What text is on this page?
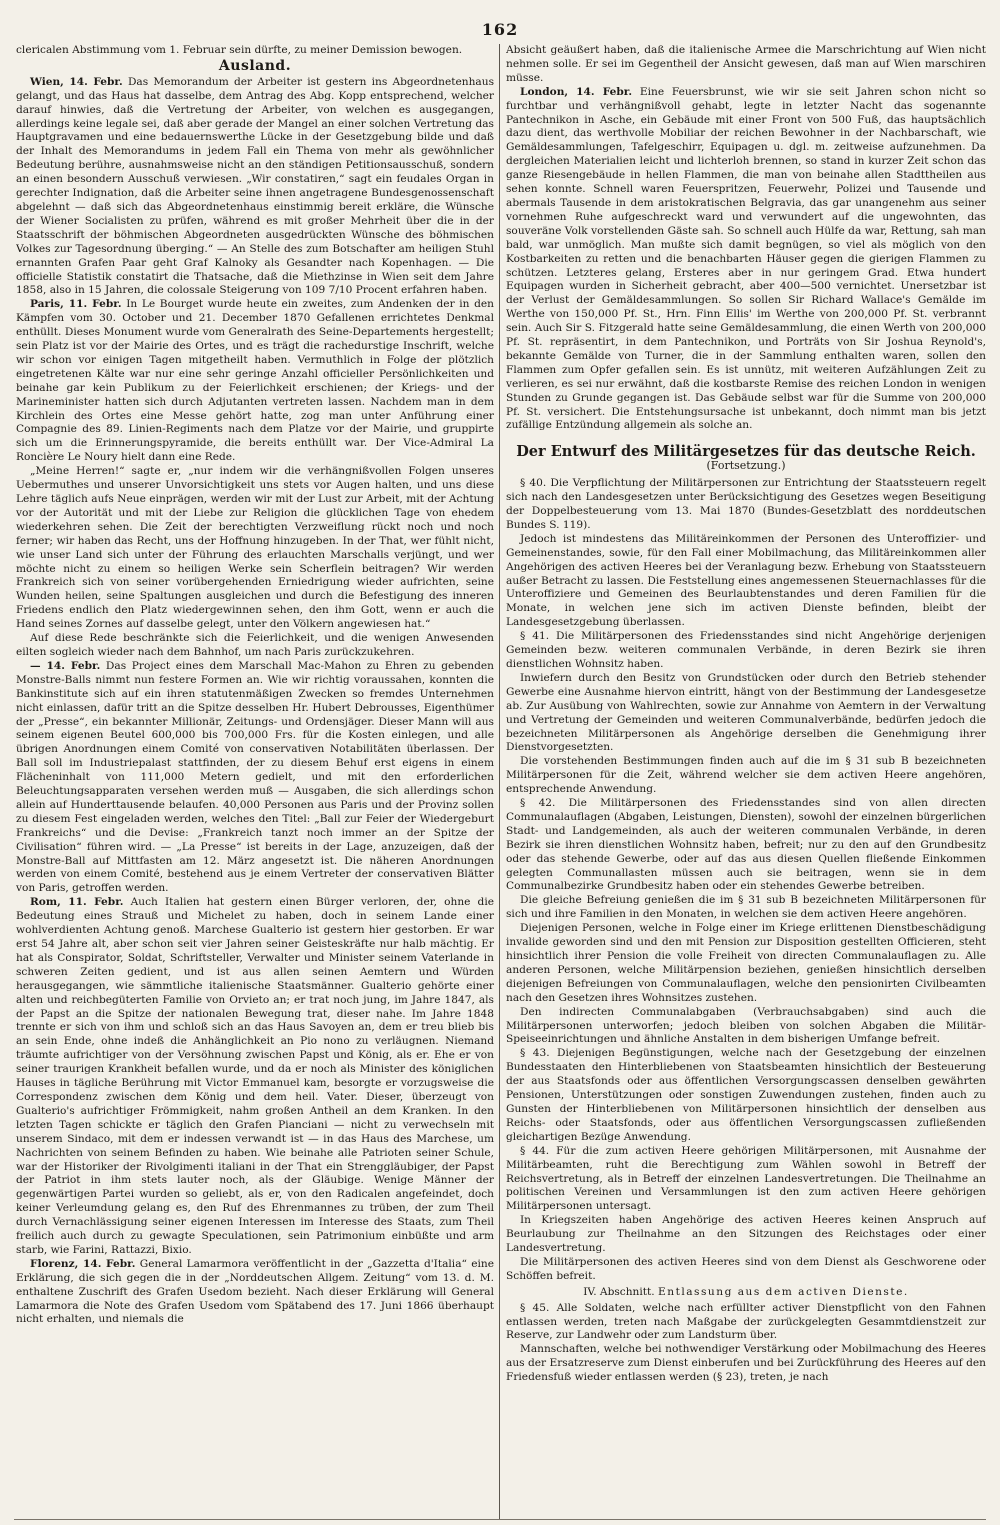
162

clericalen Abstimmung vom 1. Februar sein dürfte, zu meiner Demission bewogen.

Ausland.

Wien, 14. Febr. Das Memorandum der Arbeiter ist gestern ins Abgeordnetenhaus gelangt, und das Haus hat dasselbe, dem Antrag des Abg. Kopp entsprechend, welcher darauf hinwies, daß die Vertretung der Arbeiter, von welchen es ausgegangen, allerdings keine legale sei, daß aber gerade der Mangel an einer solchen Vertretung das Hauptgravamen und eine bedauernswerthe Lücke in der Gesetzgebung bilde und daß der Inhalt des Memorandums in jedem Fall ein Thema von mehr als gewöhnlicher Bedeutung berühre, ausnahmsweise nicht an den ständigen Petitionsausschuß, sondern an einen besondern Ausschuß verwiesen. „Wir constatiren,“ sagt ein feudales Organ in gerechter Indignation, daß die Arbeiter seine ihnen angetragene Bundesgenossenschaft abgelehnt — daß sich das Abgeordnetenhaus einstimmig bereit erkläre, die Wünsche der Wiener Socialisten zu prüfen, während es mit großer Mehrheit über die in der Staatsschrift der böhmischen Abgeordneten ausgedrückten Wünsche des böhmischen Volkes zur Tagesordnung überging.“ — An Stelle des zum Botschafter am heiligen Stuhl ernannten Grafen Paar geht Graf Kalnoky als Gesandter nach Kopenhagen. — Die officielle Statistik constatirt die Thatsache, daß die Miethzinse in Wien seit dem Jahre 1858, also in 15 Jahren, die colossale Steigerung von 109 7/10 Procent erfahren haben.

Paris, 11. Febr. In Le Bourget wurde heute ein zweites, zum Andenken der in den Kämpfen vom 30. October und 21. December 1870 Gefallenen errichtetes Denkmal enthüllt. Dieses Monument wurde vom Generalrath des Seine-Departements hergestellt; sein Platz ist vor der Mairie des Ortes, und es trägt die rachedurstige Inschrift, welche wir schon vor einigen Tagen mitgetheilt haben. Vermuthlich in Folge der plötzlich eingetretenen Kälte war nur eine sehr geringe Anzahl officieller Persönlichkeiten und beinahe gar kein Publikum zu der Feierlichkeit erschienen; der Kriegs- und der Marineminister hatten sich durch Adjutanten vertreten lassen. Nachdem man in dem Kirchlein des Ortes eine Messe gehört hatte, zog man unter Anführung einer Compagnie des 89. Linien-Regiments nach dem Platze vor der Mairie, und gruppirte sich um die Erinnerungspyramide, die bereits enthüllt war. Der Vice-Admiral La Roncière Le Noury hielt dann eine Rede.

„Meine Herren!“ sagte er, „nur indem wir die verhängnißvollen Folgen unseres Uebermuthes und unserer Unvorsichtigkeit uns stets vor Augen halten, und uns diese Lehre täglich aufs Neue einprägen, werden wir mit der Lust zur Arbeit, mit der Achtung vor der Autorität und mit der Liebe zur Religion die glücklichen Tage von ehedem wiederkehren sehen. Die Zeit der berechtigten Verzweiflung rückt noch und noch ferner; wir haben das Recht, uns der Hoffnung hinzugeben. In der That, wer fühlt nicht, wie unser Land sich unter der Führung des erlauchten Marschalls verjüngt, und wer möchte nicht zu einem so heiligen Werke sein Scherflein beitragen? Wir werden Frankreich sich von seiner vorübergehenden Erniedrigung wieder aufrichten, seine Wunden heilen, seine Spaltungen ausgleichen und durch die Befestigung des inneren Friedens endlich den Platz wiedergewinnen sehen, den ihm Gott, wenn er auch die Hand seines Zornes auf dasselbe gelegt, unter den Völkern angewiesen hat.“

Auf diese Rede beschränkte sich die Feierlichkeit, und die wenigen Anwesenden eilten sogleich wieder nach dem Bahnhof, um nach Paris zurückzukehren.

— 14. Febr. Das Project eines dem Marschall Mac-Mahon zu Ehren zu gebenden Monstre-Balls nimmt nun festere Formen an. Wie wir richtig voraussahen, konnten die Bankinstitute sich auf ein ihren statutenmäßigen Zwecken so fremdes Unternehmen nicht einlassen, dafür tritt an die Spitze desselben Hr. Hubert Debrousses, Eigenthümer der „Presse“, ein bekannter Millionär, Zeitungs- und Ordensjäger. Dieser Mann will aus seinem eigenen Beutel 600,000 bis 700,000 Frs. für die Kosten einlegen, und alle übrigen Anordnungen einem Comité von conservativen Notabilitäten überlassen. Der Ball soll im Industriepalast stattfinden, der zu diesem Behuf erst eigens in einem Flächeninhalt von 111,000 Metern gedielt, und mit den erforderlichen Beleuchtungsapparaten versehen werden muß — Ausgaben, die sich allerdings schon allein auf Hunderttausende belaufen. 40,000 Personen aus Paris und der Provinz sollen zu diesem Fest eingeladen werden, welches den Titel: „Ball zur Feier der Wiedergeburt Frankreichs“ und die Devise: „Frankreich tanzt noch immer an der Spitze der Civilisation“ führen wird. — „La Presse“ ist bereits in der Lage, anzuzeigen, daß der Monstre-Ball auf Mittfasten am 12. März angesetzt ist. Die näheren Anordnungen werden von einem Comité, bestehend aus je einem Vertreter der conservativen Blätter von Paris, getroffen werden.

Rom, 11. Febr. Auch Italien hat gestern einen Bürger verloren, der, ohne die Bedeutung eines Strauß und Michelet zu haben, doch in seinem Lande einer wohlverdienten Achtung genoß. Marchese Gualterio ist gestern hier gestorben. Er war erst 54 Jahre alt, aber schon seit vier Jahren seiner Geisteskräfte nur halb mächtig. Er hat als Conspirator, Soldat, Schriftsteller, Verwalter und Minister seinem Vaterlande in schweren Zeiten gedient, und ist aus allen seinen Aemtern und Würden herausgegangen, wie sämmtliche italienische Staatsmänner. Gualterio gehörte einer alten und reichbegüterten Familie von Orvieto an; er trat noch jung, im Jahre 1847, als der Papst an die Spitze der nationalen Bewegung trat, dieser nahe. Im Jahre 1848 trennte er sich von ihm und schloß sich an das Haus Savoyen an, dem er treu blieb bis an sein Ende, ohne indeß die Anhänglichkeit an Pio nono zu verläugnen. Niemand träumte aufrichtiger von der Versöhnung zwischen Papst und König, als er. Ehe er von seiner traurigen Krankheit befallen wurde, und da er noch als Minister des königlichen Hauses in tägliche Berührung mit Victor Emmanuel kam, besorgte er vorzugsweise die Correspondenz zwischen dem König und dem heil. Vater. Dieser, überzeugt von Gualterio's aufrichtiger Frömmigkeit, nahm großen Antheil an dem Kranken. In den letzten Tagen schickte er täglich den Grafen Pianciani — nicht zu verwechseln mit unserem Sindaco, mit dem er indessen verwandt ist — in das Haus des Marchese, um Nachrichten von seinem Befinden zu haben. Wie beinahe alle Patrioten seiner Schule, war der Historiker der Rivolgimenti italiani in der That ein Strenggläubiger, der Papst der Patriot in ihm stets lauter noch, als der Gläubige. Wenige Männer der gegenwärtigen Partei wurden so geliebt, als er, von den Radicalen angefeindet, doch keiner Verleumdung gelang es, den Ruf des Ehrenmannes zu trüben, der zum Theil durch Vernachlässigung seiner eigenen Interessen im Interesse des Staats, zum Theil freilich auch durch zu gewagte Speculationen, sein Patrimonium einbüßte und arm starb, wie Farini, Rattazzi, Bixio.

Florenz, 14. Febr. General Lamarmora veröffentlicht in der „Gazzetta d'Italia“ eine Erklärung, die sich gegen die in der „Norddeutschen Allgem. Zeitung“ vom 13. d. M. enthaltene Zuschrift des Grafen Usedom bezieht. Nach dieser Erklärung will General Lamarmora die Note des Grafen Usedom vom Spätabend des 17. Juni 1866 überhaupt nicht erhalten, und niemals die

Absicht geäußert haben, daß die italienische Armee die Marschrichtung auf Wien nicht nehmen solle. Er sei im Gegentheil der Ansicht gewesen, daß man auf Wien marschiren müsse.

London, 14. Febr. Eine Feuersbrunst, wie wir sie seit Jahren schon nicht so furchtbar und verhängnißvoll gehabt, legte in letzter Nacht das sogenannte Pantechnikon in Asche, ein Gebäude mit einer Front von 500 Fuß, das hauptsächlich dazu dient, das werthvolle Mobiliar der reichen Bewohner in der Nachbarschaft, wie Gemäldesammlungen, Tafelgeschirr, Equipagen u. dgl. m. zeitweise aufzunehmen. Da dergleichen Materialien leicht und lichterloh brennen, so stand in kurzer Zeit schon das ganze Riesengebäude in hellen Flammen, die man von beinahe allen Stadttheilen aus sehen konnte. Schnell waren Feuerspritzen, Feuerwehr, Polizei und Tausende und abermals Tausende in dem aristokratischen Belgravia, das gar unangenehm aus seiner vornehmen Ruhe aufgeschreckt ward und verwundert auf die ungewohnten, das souveräne Volk vorstellenden Gäste sah. So schnell auch Hülfe da war, Rettung, sah man bald, war unmöglich. Man mußte sich damit begnügen, so viel als möglich von den Kostbarkeiten zu retten und die benachbarten Häuser gegen die gierigen Flammen zu schützen. Letzteres gelang, Ersteres aber in nur geringem Grad. Etwa hundert Equipagen wurden in Sicherheit gebracht, aber 400—500 vernichtet. Unersetzbar ist der Verlust der Gemäldesammlungen. So sollen Sir Richard Wallace's Gemälde im Werthe von 150,000 Pf. St., Hrn. Finn Ellis' im Werthe von 200,000 Pf. St. verbrannt sein. Auch Sir S. Fitzgerald hatte seine Gemäldesammlung, die einen Werth von 200,000 Pf. St. repräsentirt, in dem Pantechnikon, und Porträts von Sir Joshua Reynold's, bekannte Gemälde von Turner, die in der Sammlung enthalten waren, sollen den Flammen zum Opfer gefallen sein. Es ist unnütz, mit weiteren Aufzählungen Zeit zu verlieren, es sei nur erwähnt, daß die kostbarste Remise des reichen London in wenigen Stunden zu Grunde gegangen ist. Das Gebäude selbst war für die Summe von 200,000 Pf. St. versichert. Die Entstehungsursache ist unbekannt, doch nimmt man bis jetzt zufällige Entzündung allgemein als solche an.

Der Entwurf des Militärgesetzes für das deutsche Reich.
(Fortsetzung.)

§ 40. Die Verpflichtung der Militärpersonen zur Entrichtung der Staatssteuern regelt sich nach den Landesgesetzen unter Berücksichtigung des Gesetzes wegen Beseitigung der Doppelbesteuerung vom 13. Mai 1870 (Bundes-Gesetzblatt des norddeutschen Bundes S. 119).

Jedoch ist mindestens das Militäreinkommen der Personen des Unteroffizier- und Gemeinenstandes, sowie, für den Fall einer Mobilmachung, das Militäreinkommen aller Angehörigen des activen Heeres bei der Veranlagung bezw. Erhebung von Staatssteuern außer Betracht zu lassen. Die Feststellung eines angemessenen Steuernachlasses für die Unteroffiziere und Gemeinen des Beurlaubtenstandes und deren Familien für die Monate, in welchen jene sich im activen Dienste befinden, bleibt der Landesgesetzgebung überlassen.

§ 41. Die Militärpersonen des Friedensstandes sind nicht Angehörige derjenigen Gemeinden bezw. weiteren communalen Verbände, in deren Bezirk sie ihren dienstlichen Wohnsitz haben.

Inwiefern durch den Besitz von Grundstücken oder durch den Betrieb stehender Gewerbe eine Ausnahme hiervon eintritt, hängt von der Bestimmung der Landesgesetze ab. Zur Ausübung von Wahlrechten, sowie zur Annahme von Aemtern in der Verwaltung und Vertretung der Gemeinden und weiteren Communalverbände, bedürfen jedoch die bezeichneten Militärpersonen als Angehörige derselben die Genehmigung ihrer Dienstvorgesetzten.

Die vorstehenden Bestimmungen finden auch auf die im § 31 sub B bezeichneten Militärpersonen für die Zeit, während welcher sie dem activen Heere angehören, entsprechende Anwendung.

§ 42. Die Militärpersonen des Friedensstandes sind von allen directen Communalauflagen (Abgaben, Leistungen, Diensten), sowohl der einzelnen bürgerlichen Stadt- und Landgemeinden, als auch der weiteren communalen Verbände, in deren Bezirk sie ihren dienstlichen Wohnsitz haben, befreit; nur zu den auf den Grundbesitz oder das stehende Gewerbe, oder auf das aus diesen Quellen fließende Einkommen gelegten Communallasten müssen auch sie beitragen, wenn sie in dem Communalbezirke Grundbesitz haben oder ein stehendes Gewerbe betreiben.

Die gleiche Befreiung genießen die im § 31 sub B bezeichneten Militärpersonen für sich und ihre Familien in den Monaten, in welchen sie dem activen Heere angehören.

Diejenigen Personen, welche in Folge einer im Kriege erlittenen Dienstbeschädigung invalide geworden sind und den mit Pension zur Disposition gestellten Officieren, steht hinsichtlich ihrer Pension die volle Freiheit von directen Communalauflagen zu. Alle anderen Personen, welche Militärpension beziehen, genießen hinsichtlich derselben diejenigen Befreiungen von Communalauflagen, welche den pensionirten Civilbeamten nach den Gesetzen ihres Wohnsitzes zustehen.

Den indirecten Communalabgaben (Verbrauchsabgaben) sind auch die Militärpersonen unterworfen; jedoch bleiben von solchen Abgaben die Militär-Speiseeinrichtungen und ähnliche Anstalten in dem bisherigen Umfange befreit.

§ 43. Diejenigen Begünstigungen, welche nach der Gesetzgebung der einzelnen Bundesstaaten den Hinterbliebenen von Staatsbeamten hinsichtlich der Besteuerung der aus Staatsfonds oder aus öffentlichen Versorgungscassen denselben gewährten Pensionen, Unterstützungen oder sonstigen Zuwendungen zustehen, finden auch zu Gunsten der Hinterbliebenen von Militärpersonen hinsichtlich der denselben aus Reichs- oder Staatsfonds, oder aus öffentlichen Versorgungscassen zufließenden gleichartigen Bezüge Anwendung.

§ 44. Für die zum activen Heere gehörigen Militärpersonen, mit Ausnahme der Militärbeamten, ruht die Berechtigung zum Wählen sowohl in Betreff der Reichsvertretung, als in Betreff der einzelnen Landesvertretungen. Die Theilnahme an politischen Vereinen und Versammlungen ist den zum activen Heere gehörigen Militärpersonen untersagt.

In Kriegszeiten haben Angehörige des activen Heeres keinen Anspruch auf Beurlaubung zur Theilnahme an den Sitzungen des Reichstages oder einer Landesvertretung.

Die Militärpersonen des activen Heeres sind von dem Dienst als Geschworene oder Schöffen befreit.

IV. Abschnitt. Entlassung aus dem activen Dienste.

§ 45. Alle Soldaten, welche nach erfüllter activer Dienstpflicht von den Fahnen entlassen werden, treten nach Maßgabe der zurückgelegten Gesammtdienstzeit zur Reserve, zur Landwehr oder zum Landsturm über.

Mannschaften, welche bei nothwendiger Verstärkung oder Mobilmachung des Heeres aus der Ersatzreserve zum Dienst einberufen und bei Zurückführung des Heeres auf den Friedensfuß wieder entlassen werden (§ 23), treten, je nach
